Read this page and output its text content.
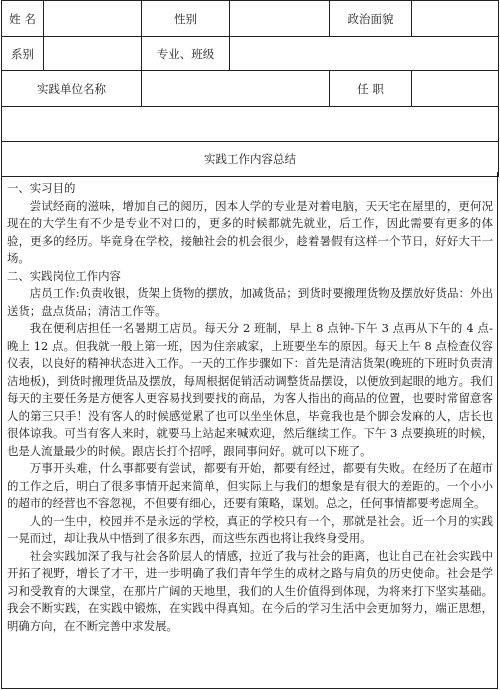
姓 名		性别		政治面貌	
系别		专业、班级			
实践单位名称				任 职	

实践工作内容总结					

一、实习目的

尝试经商的滋味，增加自己的阅历，因本人学的专业是对着电脑，天天宅在屋里的，更何况现在的大学生有不少是专业不对口的，更多的时候都就先就业，后工作，因此需要有更多的体验，更多的经历。毕竟身在学校，接触社会的机会很少，趁着暑假有这样一个节日，好好大干一场。

二、实践岗位工作内容

店员工作:负责收银，货架上货物的摆放，加减货品；到货时要搬理货物及摆放好货品：外出送货；盘点货品；清洁工作等。

我在便利店担任一名暑期工店员。每天分 2 班制，早上 8 点钟-下午 3 点再从下午的 4 点-晚上 12 点。但我就一般上第一班，因为住亲戚家，上班要坐车的原因。每天上午 8 点检查仪容仪表，以良好的精神状态进入工作。一天的工作步骤如下：首先是清洁货架(晚班的下班时负责清洁地板)，到货时搬理货品及摆放，每周根据促销活动调整货品摆设，以便放到起眼的地方。我们每天的主要任务是方便客人更容易找到要找的商品，为客人指出的商品的位置，也要时常留意客人的第三只手！没有客人的时候感觉累了也可以坐坐休息，毕竟我也是个脚会发麻的人，店长也很体谅我。可当有客人来时，就要马上站起来喊欢迎，然后继续工作。下午 3 点要换班的时候，也是人流量最少的时候。跟店长打个招呼，跟同事问好。就可以下班了。

万事开头难，什么事都要有尝试，都要有开始，都要有经过，都要有失败。在经历了在超市的工作之后，明白了很多事情开起来简单，但实际上与我们的想象是有很大的差距的。一个小小的超市的经营也不容忽视，不但要有细心，还要有策略，谋划。总之，任何事情都要考虑周全。

人的一生中，校园并不是永远的学校，真正的学校只有一个，那就是社会。近一个月的实践一晃而过，却让我从中悟到了很多东西，而这些东西也将让我终身受用。

社会实践加深了我与社会各阶层人的情感，拉近了我与社会的距离，也让自己在社会实践中开拓了视野，增长了才干，进一步明确了我们青年学生的成材之路与肩负的历史使命。社会是学习和受教育的大课堂，在那片广阔的天地里，我们的人生价值得到体现，为将来打下坚实基础。我会不断实践，在实践中锻炼，在实践中得真知。在今后的学习生活中会更加努力，端正思想，明确方向，在不断完善中求发展。
